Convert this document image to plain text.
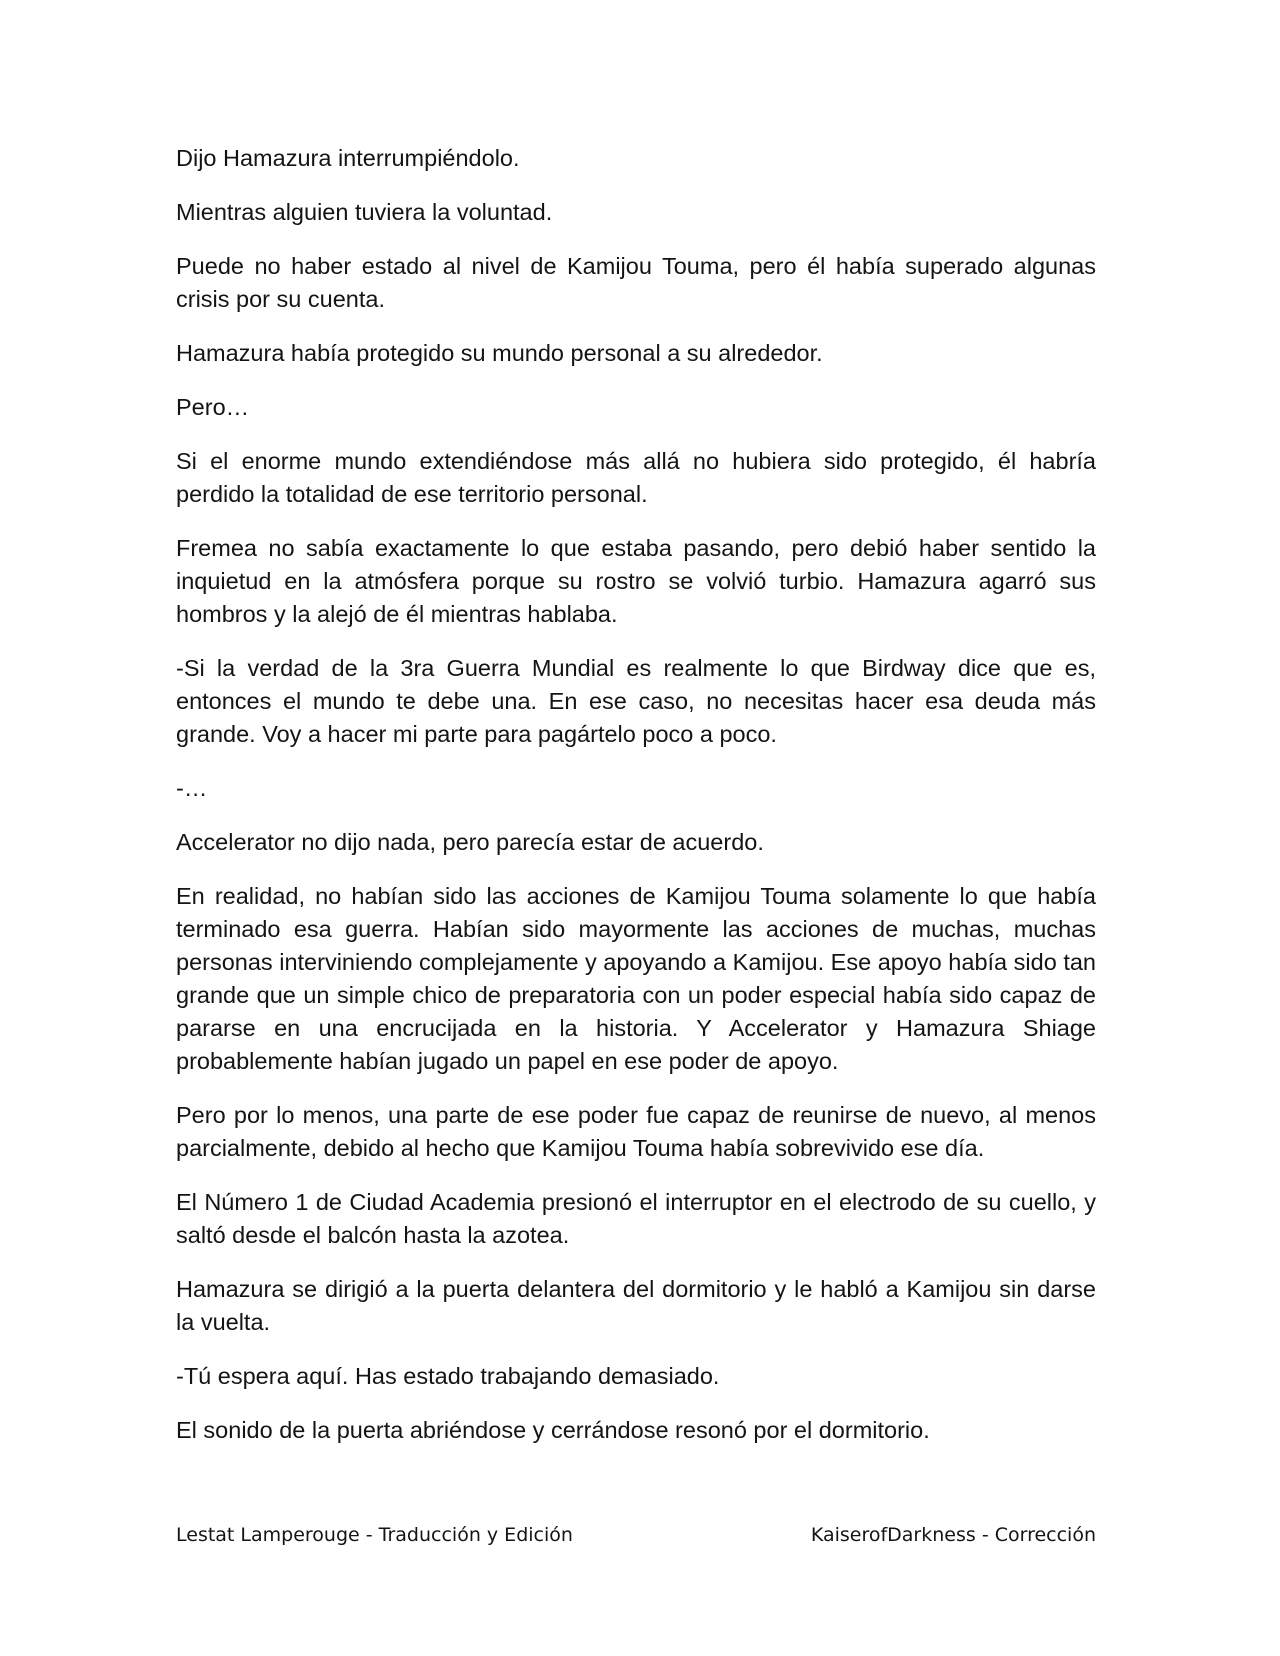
Dijo Hamazura interrumpiéndolo.

Mientras alguien tuviera la voluntad.

Puede no haber estado al nivel de Kamijou Touma, pero él había superado algunas crisis por su cuenta.

Hamazura había protegido su mundo personal a su alrededor.

Pero…

Si el enorme mundo extendiéndose más allá no hubiera sido protegido, él habría perdido la totalidad de ese territorio personal.

Fremea no sabía exactamente lo que estaba pasando, pero debió haber sentido la inquietud en la atmósfera porque su rostro se volvió turbio. Hamazura agarró sus hombros y la alejó de él mientras hablaba.

-Si la verdad de la 3ra Guerra Mundial es realmente lo que Birdway dice que es, entonces el mundo te debe una. En ese caso, no necesitas hacer esa deuda más grande. Voy a hacer mi parte para pagártelo poco a poco.

-…

Accelerator no dijo nada, pero parecía estar de acuerdo.

En realidad, no habían sido las acciones de Kamijou Touma solamente lo que había terminado esa guerra. Habían sido mayormente las acciones de muchas, muchas personas interviniendo complejamente y apoyando a Kamijou. Ese apoyo había sido tan grande que un simple chico de preparatoria con un poder especial había sido capaz de pararse en una encrucijada en la historia. Y Accelerator y Hamazura Shiage probablemente habían jugado un papel en ese poder de apoyo.

Pero por lo menos, una parte de ese poder fue capaz de reunirse de nuevo, al menos parcialmente, debido al hecho que Kamijou Touma había sobrevivido ese día.

El Número 1 de Ciudad Academia presionó el interruptor en el electrodo de su cuello, y saltó desde el balcón hasta la azotea.

Hamazura se dirigió a la puerta delantera del dormitorio y le habló a Kamijou sin darse la vuelta.

-Tú espera aquí. Has estado trabajando demasiado.

El sonido de la puerta abriéndose y cerrándose resonó por el dormitorio.

Lestat Lamperouge - Traducción y Edición	KaiserofDarkness - Corrección
